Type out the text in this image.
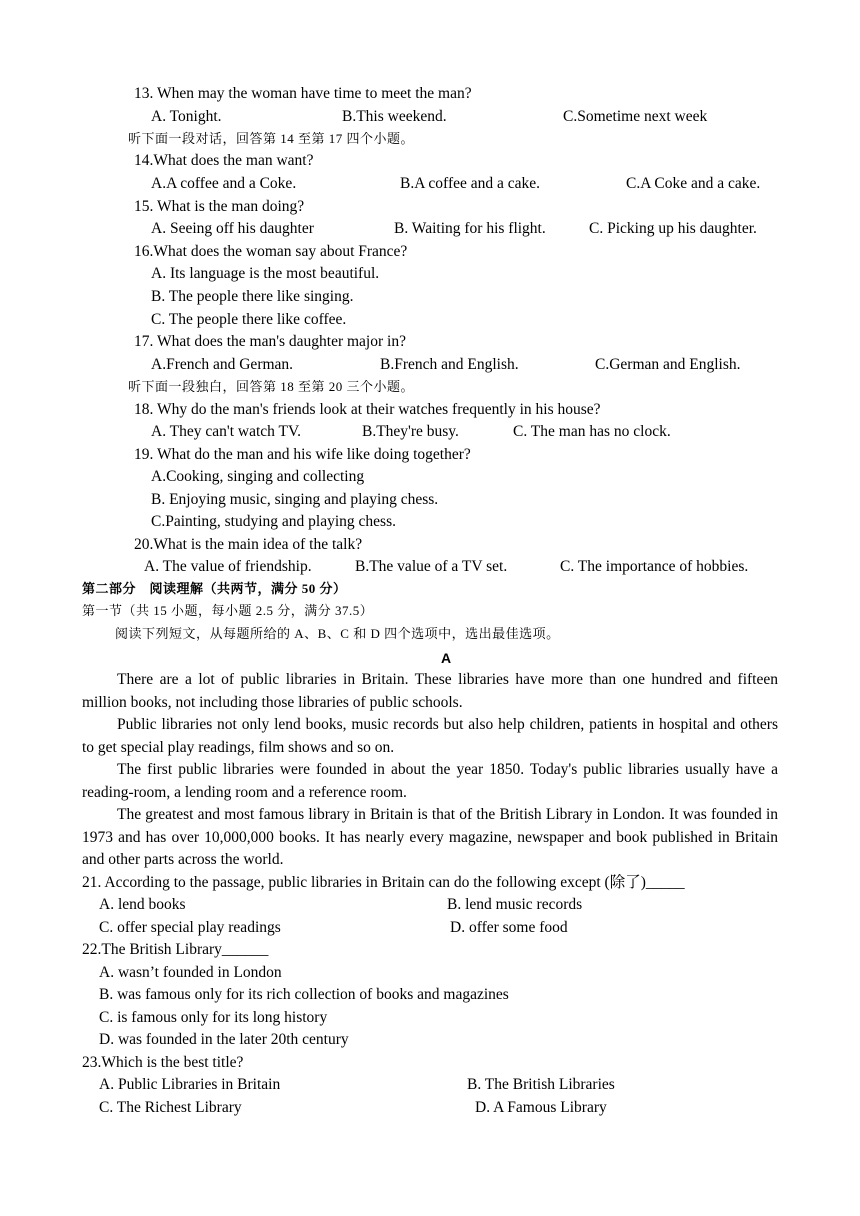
13. When may the woman have time to meet the man?
A. Tonight.	B.This weekend.	C.Sometime next week
听下面一段对话，回答第 14 至第 17 四个小题。
14.What does the man want?
A.A coffee and a Coke.	B.A coffee and a cake.	C.A Coke and a cake.
15. What is the man doing?
A. Seeing off his daughter	B. Waiting for his flight.	C. Picking up his daughter.
16.What does the woman say about France?
A. Its language is the most beautiful.
B. The people there like singing.
C. The people there like coffee.
17. What does the man's daughter major in?
A.French and German.	B.French and English.	C.German and English.
听下面一段独白，回答第 18 至第 20 三个小题。
18. Why do the man's friends look at their watches frequently in his house?
A. They can't watch TV.	B.They're busy.	C. The man has no clock.
19. What do the man and his wife like doing together?
A.Cooking, singing and collecting
B. Enjoying music, singing and playing chess.
C.Painting, studying and playing chess.
20.What is the main idea of the talk?
A. The value of friendship.	B.The value of a TV set.	C. The importance of hobbies.
第二部分　阅读理解（共两节，满分 50 分）
第一节（共 15 小题，每小题 2.5 分，满分 37.5）
阅读下列短文，从每题所给的 A、B、C 和 D 四个选项中，选出最佳选项。
A
There are a lot of public libraries in Britain. These libraries have more than one hundred and fifteen million books, not including those libraries of public schools.
Public libraries not only lend books, music records but also help children, patients in hospital and others to get special play readings, film shows and so on.
The first public libraries were founded in about the year 1850. Today's public libraries usually have a reading-room, a lending room and a reference room.
The greatest and most famous library in Britain is that of the British Library in London. It was founded in 1973 and has over 10,000,000 books. It has nearly every magazine, newspaper and book published in Britain and other parts across the world.
21. According to the passage, public libraries in Britain can do the following except (除了)_____
A. lend books	B. lend music records
C. offer special play readings	D. offer some food
22.The British Library______
A. wasn’t founded in London
B. was famous only for its rich collection of books and magazines
C. is famous only for its long history
D. was founded in the later 20th century
23.Which is the best title?
A. Public Libraries in Britain	B. The British Libraries
C. The Richest Library	D. A Famous Library
